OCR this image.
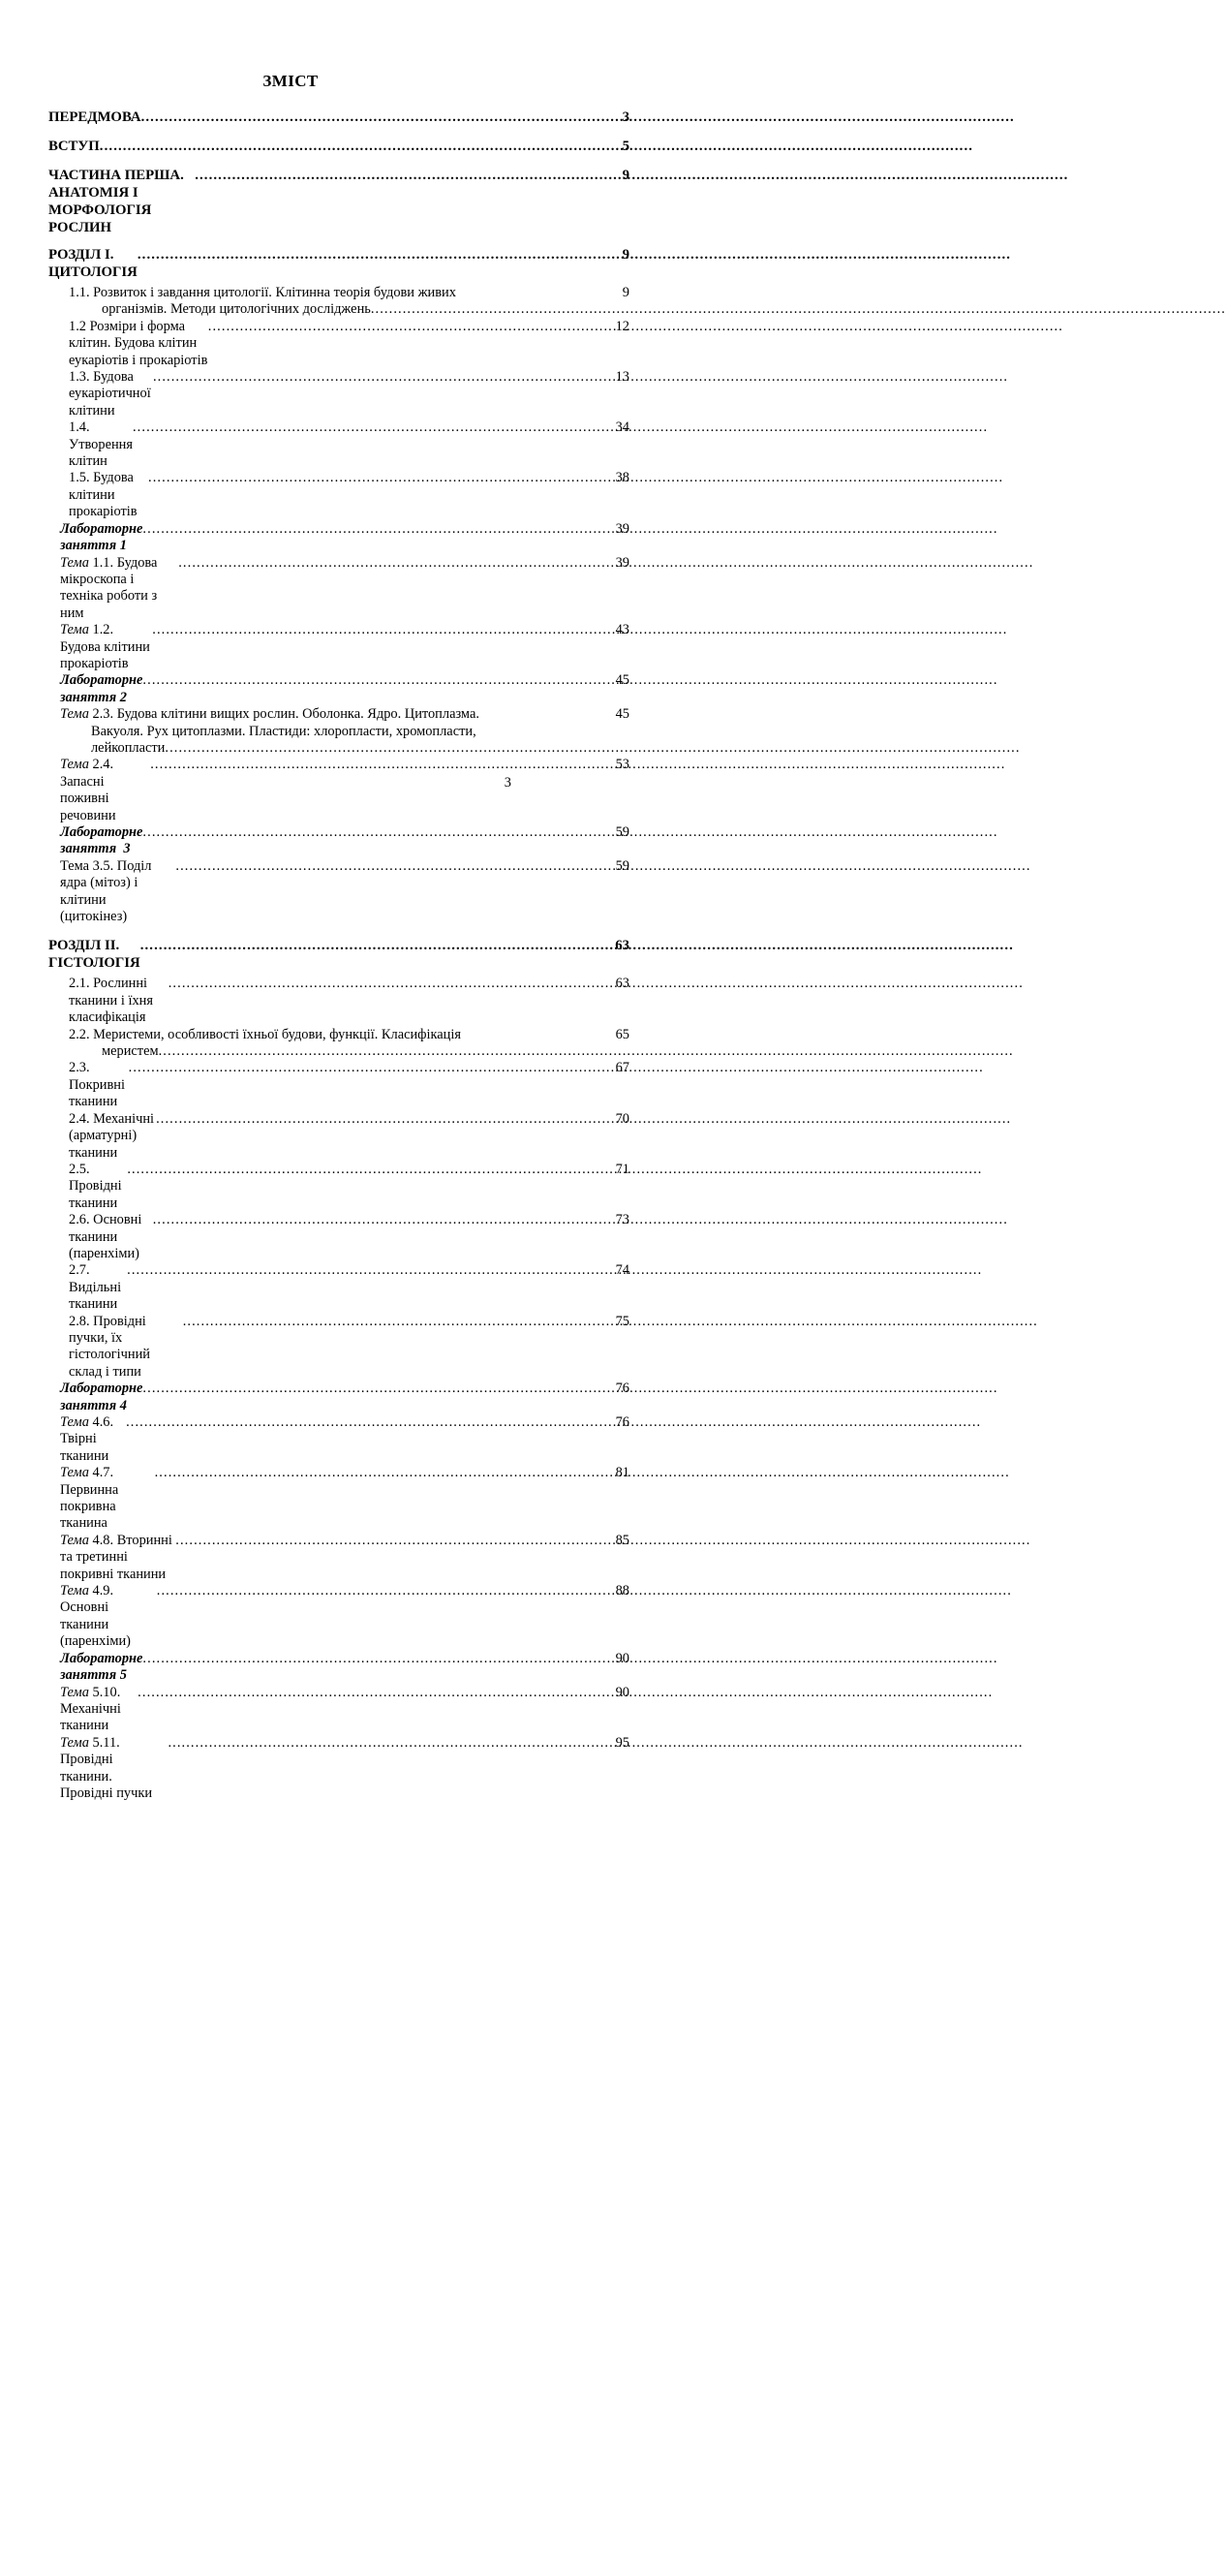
ЗМІСТ
ПЕРЕДМОВА .....	3
ВСТУП .....	5
ЧАСТИНА ПЕРША. АНАТОМІЯ І МОРФОЛОГІЯ РОСЛИН
.....
9
РОЗДІЛ І. ЦИТОЛОГІЯ
.....
9
1.1. Розвиток і завдання цитології. Клітинна теорія будови живих
організмів. Методи цитологічних досліджень
.....
9
1.2 Розміри і форма клітин. Будова клітин еукаріотів і прокаріотів
.....
12
1.3. Будова еукаріотичної клітини
.....
13
1.4. Утворення клітин
.....
34
1.5. Будова клітини прокаріотів
.....
38
Лабораторне заняття 1
.....
39
Тема 1.1. Будова мікроскопа і техніка роботи з ним
.....
39
Тема 1.2. Будова клітини прокаріотів
.....
43
Лабораторне заняття 2
.....
45
Тема 2.3. Будова клітини вищих рослин. Оболонка. Ядро. Цитоплазма.
Вакуоля. Рух цитоплазми. Пластиди: хлоропласти, хромопласти,
лейкопласти
.....
45
Тема 2.4. Запасні поживні речовини
.....
53
Лабораторне заняття  3
.....
59
Тема 3.5. Поділ ядра (мітоз) і клітини (цитокінез)
.....
59
РОЗДІЛ ІІ. ГІСТОЛОГІЯ
.....
63
2.1. Рослинні тканини і їхня класифікація
.....
63
2.2. Меристеми, особливості їхньої будови, функції. Класифікація
меристем
.....
65
2.3. Покривні тканини
.....
67
2.4. Механічні (арматурні) тканини
.....
70
2.5. Провідні тканини
.....
71
2.6. Основні тканини (паренхіми)
.....
73
2.7. Видільні тканини
.....
74
2.8. Провідні пучки, їх гістологічний склад і типи
.....
75
Лабораторне заняття 4
.....
76
Тема 4.6. Твірні тканини
.....
76
Тема 4.7. Первинна покривна тканина
.....
81
Тема 4.8. Вторинні та третинні покривні тканини
.....
85
Тема 4.9. Основні тканини (паренхіми)
.....
88
Лабораторне заняття 5
.....
90
Тема 5.10. Механічні тканини
.....
90
Тема 5.11. Провідні тканини. Провідні пучки
.....
95
3
